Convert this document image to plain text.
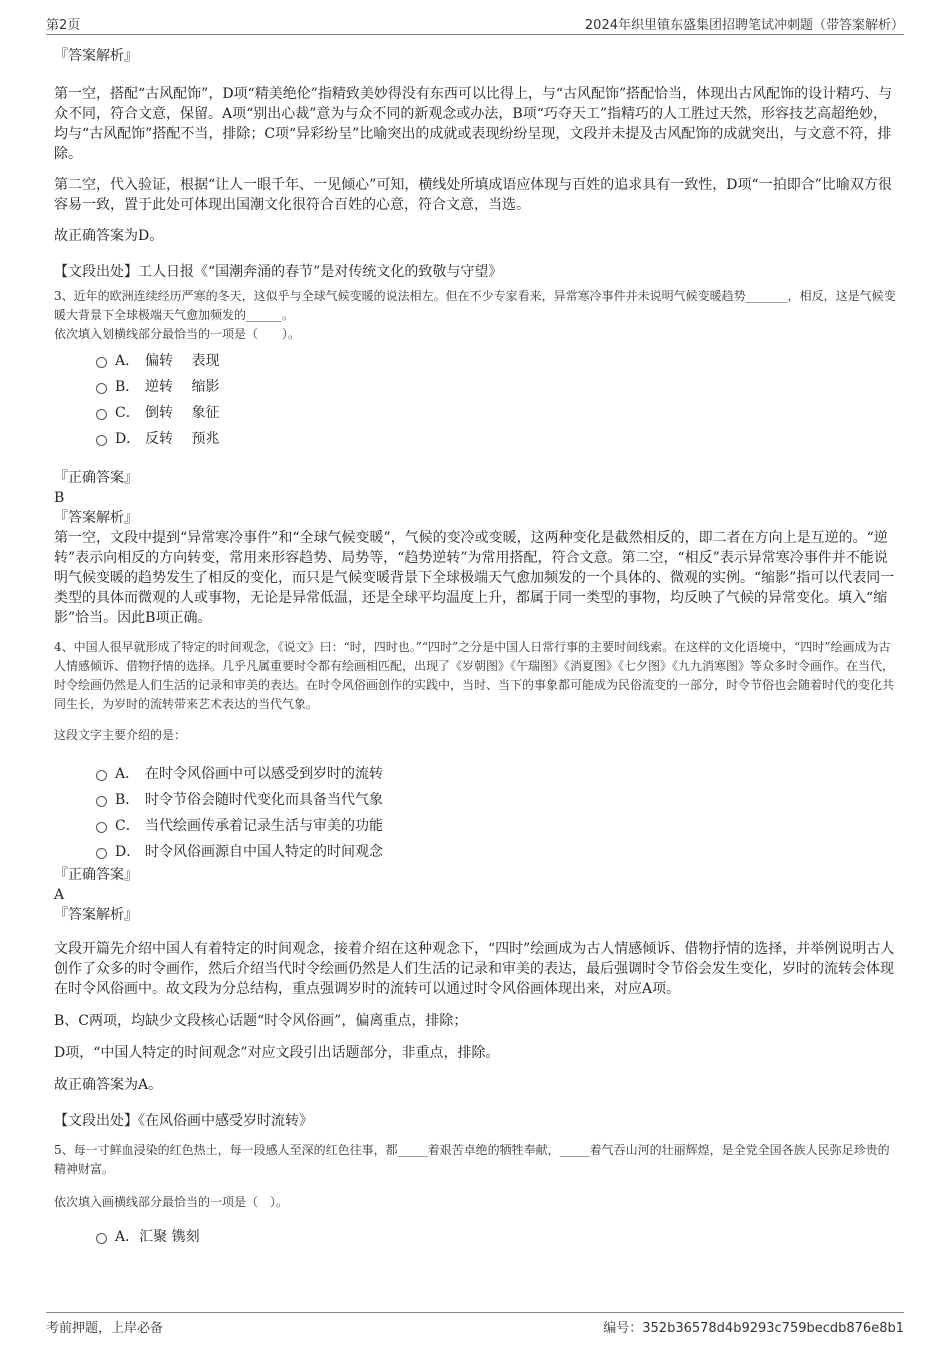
第2页	2024年织里镇东盛集团招聘笔试冲刺题（带答案解析）

『答案解析』

第一空，搭配“古风配饰”，D项“精美绝伦”指精致美妙得没有东西可以比得上，与“古风配饰”搭配恰当，体现出古风配饰的设计精巧、与众不同，符合文意，保留。A项“别出心裁”意为与众不同的新观念或办法，B项“巧夺天工”指精巧的人工胜过天然，形容技艺高超绝妙，均与“古风配饰”搭配不当，排除；C项“异彩纷呈”比喻突出的成就或表现纷纷呈现，文段并未提及古风配饰的成就突出，与文意不符，排除。

第二空，代入验证，根据“让人一眼千年、一见倾心”可知，横线处所填成语应体现与百姓的追求具有一致性，D项“一拍即合”比喻双方很容易一致，置于此处可体现出国潮文化很符合百姓的心意，符合文意，当选。

故正确答案为D。

【文段出处】工人日报《“国潮奔涌的春节”是对传统文化的致敬与守望》

3、近年的欧洲连续经历严寒的冬天，这似乎与全球气候变暖的说法相左。但在不少专家看来，异常寒冷事件并未说明气候变暖趋势_______，相反，这是气候变暖大背景下全球极端天气愈加频发的______。

依次填入划横线部分最恰当的一项是（　　）。

A． 偏转　 表现
B． 逆转　 缩影
C． 倒转　 象征
D． 反转　 预兆

『正确答案』

B

『答案解析』

第一空，文段中提到“异常寒冷事件”和“全球气候变暖”，气候的变冷或变暖，这两种变化是截然相反的，即二者在方向上是互逆的。“逆转”表示向相反的方向转变，常用来形容趋势、局势等，“趋势逆转”为常用搭配，符合文意。第二空，“相反”表示异常寒冷事件并不能说明气候变暖的趋势发生了相反的变化，而只是气候变暖背景下全球极端天气愈加频发的一个具体的、微观的实例。“缩影”指可以代表同一类型的具体而微观的人或事物，无论是异常低温，还是全球平均温度上升，都属于同一类型的事物，均反映了气候的异常变化。填入“缩影”恰当。因此B项正确。

4、中国人很早就形成了特定的时间观念，《说文》曰：“时，四时也。”“四时”之分是中国人日常行事的主要时间线索。在这样的文化语境中，“四时”绘画成为古人情感倾诉、借物抒情的选择。几乎凡属重要时令都有绘画相匹配，出现了《岁朝图》《午瑞图》《消夏图》《七夕图》《九九消寒图》等众多时令画作。在当代，时令绘画仍然是人们生活的记录和审美的表达。在时令风俗画创作的实践中，当时、当下的事象都可能成为民俗流变的一部分，时令节俗也会随着时代的变化共同生长，为岁时的流转带来艺术表达的当代气象。

这段文字主要介绍的是：

A． 在时令风俗画中可以感受到岁时的流转
B． 时令节俗会随时代变化而具备当代气象
C． 当代绘画传承着记录生活与审美的功能
D． 时令风俗画源自中国人特定的时间观念

『正确答案』

A

『答案解析』

文段开篇先介绍中国人有着特定的时间观念，接着介绍在这种观念下，“四时”绘画成为古人情感倾诉、借物抒情的选择，并举例说明古人创作了众多的时令画作，然后介绍当代时令绘画仍然是人们生活的记录和审美的表达，最后强调时令节俗会发生变化，岁时的流转会体现在时令风俗画中。故文段为分总结构，重点强调岁时的流转可以通过时令风俗画体现出来，对应A项。

B、C两项，均缺少文段核心话题“时令风俗画”，偏离重点，排除；

D项，“中国人特定的时间观念”对应文段引出话题部分，非重点，排除。

故正确答案为A。

【文段出处】《在风俗画中感受岁时流转》

5、每一寸鲜血浸染的红色热土，每一段感人至深的红色往事，都_____着艰苦卓绝的牺牲奉献，_____着气吞山河的壮丽辉煌，是全党全国各族人民弥足珍贵的精神财富。

依次填入画横线部分最恰当的一项是（　）。

A．汇聚 镌刻
考前押题，上岸必备	编号：352b36578d4b9293c759becdb876e8b1
